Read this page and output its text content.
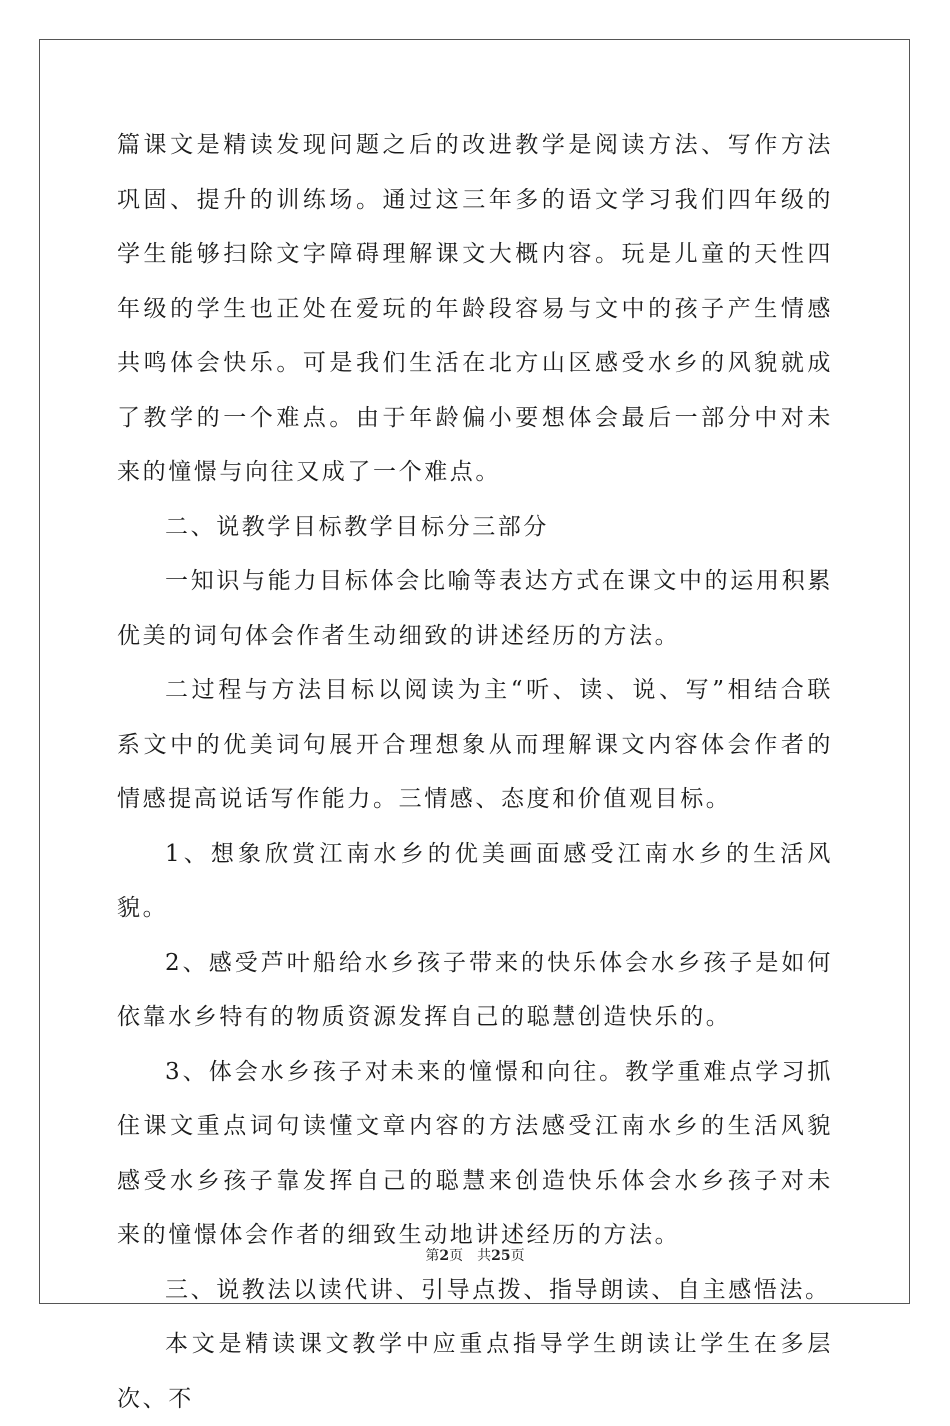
篇课文是精读发现问题之后的改进教学是阅读方法、写作方法巩固、提升的训练场。通过这三年多的语文学习我们四年级的学生能够扫除文字障碍理解课文大概内容。玩是儿童的天性四年级的学生也正处在爱玩的年龄段容易与文中的孩子产生情感共鸣体会快乐。可是我们生活在北方山区感受水乡的风貌就成了教学的一个难点。由于年龄偏小要想体会最后一部分中对未来的憧憬与向往又成了一个难点。

二、说教学目标教学目标分三部分

一知识与能力目标体会比喻等表达方式在课文中的运用积累优美的词句体会作者生动细致的讲述经历的方法。

二过程与方法目标以阅读为主“听、读、说、写”相结合联系文中的优美词句展开合理想象从而理解课文内容体会作者的情感提高说话写作能力。三情感、态度和价值观目标。

1、想象欣赏江南水乡的优美画面感受江南水乡的生活风貌。

2、感受芦叶船给水乡孩子带来的快乐体会水乡孩子是如何依靠水乡特有的物质资源发挥自己的聪慧创造快乐的。

3、体会水乡孩子对未来的憧憬和向往。教学重难点学习抓住课文重点词句读懂文章内容的方法感受江南水乡的生活风貌感受水乡孩子靠发挥自己的聪慧来创造快乐体会水乡孩子对未来的憧憬体会作者的细致生动地讲述经历的方法。

三、说教法以读代讲、引导点拨、指导朗读、自主感悟法。

本文是精读课文教学中应重点指导学生朗读让学生在多层次、不

第2页 共25页
